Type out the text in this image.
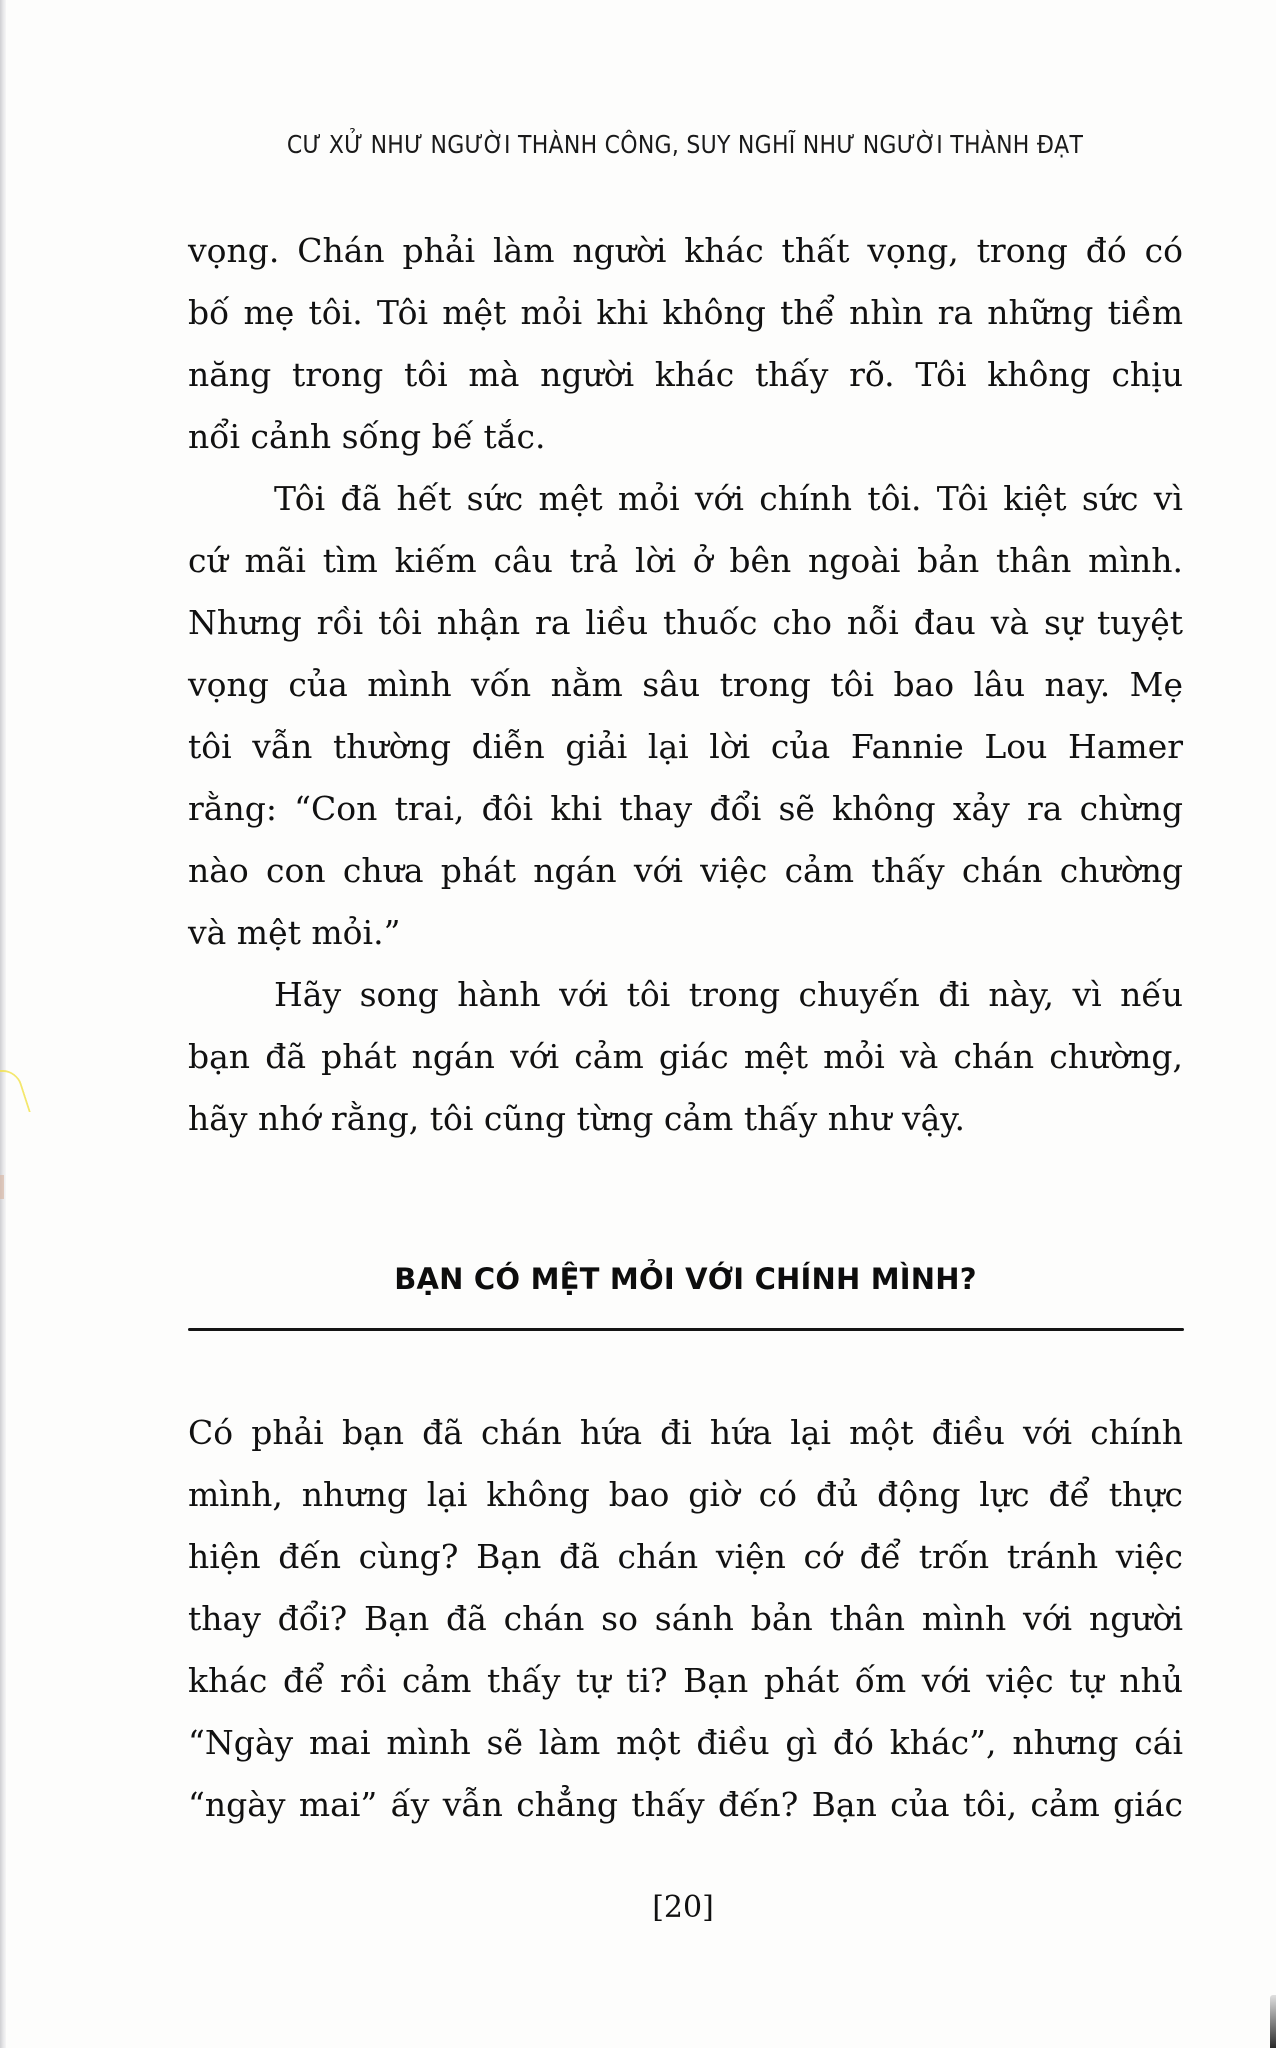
CƯ XỬ NHƯ NGƯỜI THÀNH CÔNG, SUY NGHĨ NHƯ NGƯỜI THÀNH ĐẠT
vọng. Chán phải làm người khác thất vọng, trong đó có
bố mẹ tôi. Tôi mệt mỏi khi không thể nhìn ra những tiềm
năng trong tôi mà người khác thấy rõ. Tôi không chịu
nổi cảnh sống bế tắc.
Tôi đã hết sức mệt mỏi với chính tôi. Tôi kiệt sức vì
cứ mãi tìm kiếm câu trả lời ở bên ngoài bản thân mình.
Nhưng rồi tôi nhận ra liều thuốc cho nỗi đau và sự tuyệt
vọng của mình vốn nằm sâu trong tôi bao lâu nay. Mẹ
tôi vẫn thường diễn giải lại lời của Fannie Lou Hamer
rằng: “Con trai, đôi khi thay đổi sẽ không xảy ra chừng
nào con chưa phát ngán với việc cảm thấy chán chường
và mệt mỏi.”
Hãy song hành với tôi trong chuyến đi này, vì nếu
bạn đã phát ngán với cảm giác mệt mỏi và chán chường,
hãy nhớ rằng, tôi cũng từng cảm thấy như vậy.
BẠN CÓ MỆT MỎI VỚI CHÍNH MÌNH?
Có phải bạn đã chán hứa đi hứa lại một điều với chính
mình, nhưng lại không bao giờ có đủ động lực để thực
hiện đến cùng? Bạn đã chán viện cớ để trốn tránh việc
thay đổi? Bạn đã chán so sánh bản thân mình với người
khác để rồi cảm thấy tự ti? Bạn phát ốm với việc tự nhủ
“Ngày mai mình sẽ làm một điều gì đó khác”, nhưng cái
“ngày mai” ấy vẫn chẳng thấy đến? Bạn của tôi, cảm giác
[20]
